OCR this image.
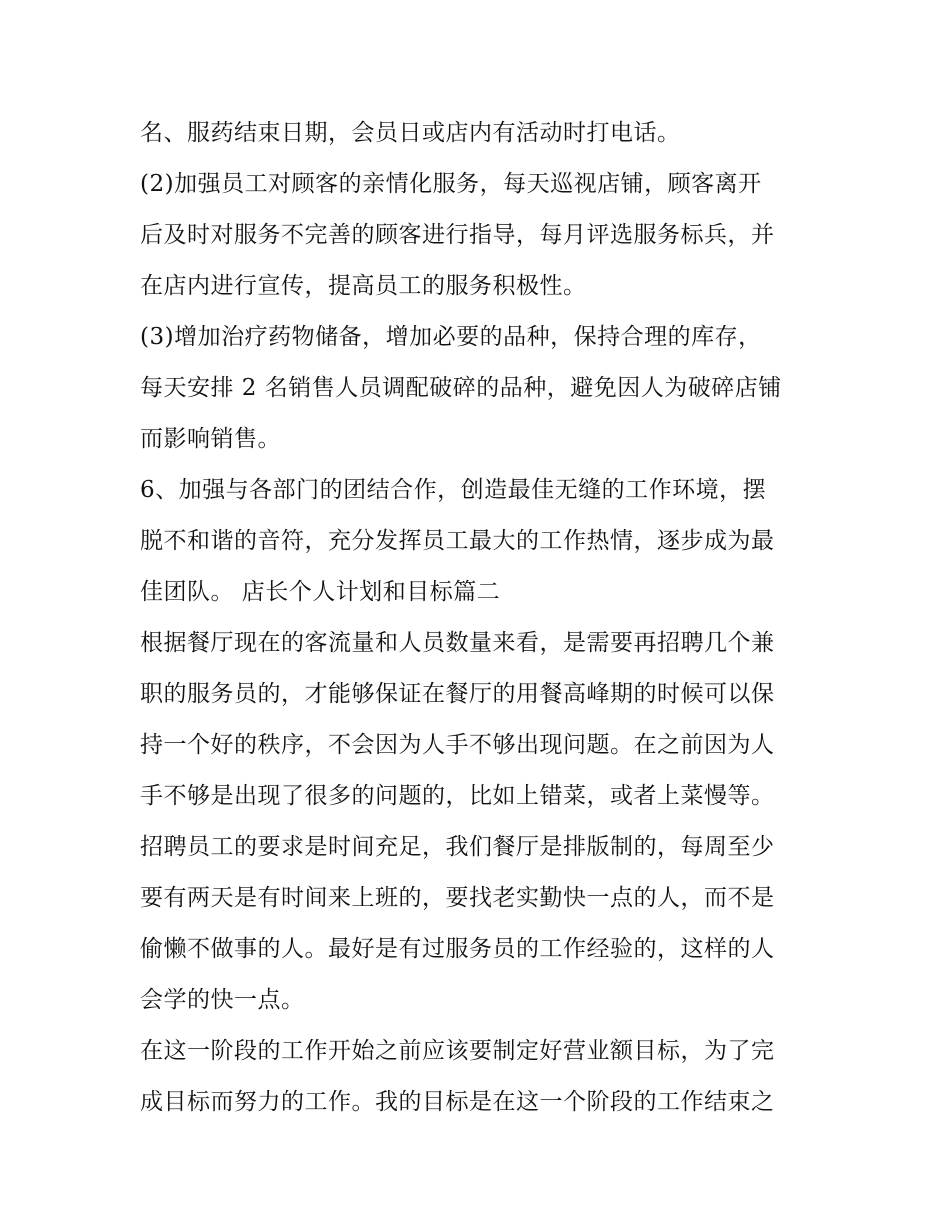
名、服药结束日期，会员日或店内有活动时打电话。
(2)加强员工对顾客的亲情化服务，每天巡视店铺，顾客离开
后及时对服务不完善的顾客进行指导，每月评选服务标兵，并
在店内进行宣传，提高员工的服务积极性。
(3)增加治疗药物储备，增加必要的品种，保持合理的库存，
每天安排 2 名销售人员调配破碎的品种，避免因人为破碎店铺
而影响销售。
6、加强与各部门的团结合作，创造最佳无缝的工作环境，摆
脱不和谐的音符，充分发挥员工最大的工作热情，逐步成为最
佳团队。 店长个人计划和目标篇二
根据餐厅现在的客流量和人员数量来看，是需要再招聘几个兼
职的服务员的，才能够保证在餐厅的用餐高峰期的时候可以保
持一个好的秩序，不会因为人手不够出现问题。在之前因为人
手不够是出现了很多的问题的，比如上错菜，或者上菜慢等。
招聘员工的要求是时间充足，我们餐厅是排版制的，每周至少
要有两天是有时间来上班的，要找老实勤快一点的人，而不是
偷懒不做事的人。最好是有过服务员的工作经验的，这样的人
会学的快一点。
在这一阶段的工作开始之前应该要制定好营业额目标，为了完
成目标而努力的工作。我的目标是在这一个阶段的工作结束之
